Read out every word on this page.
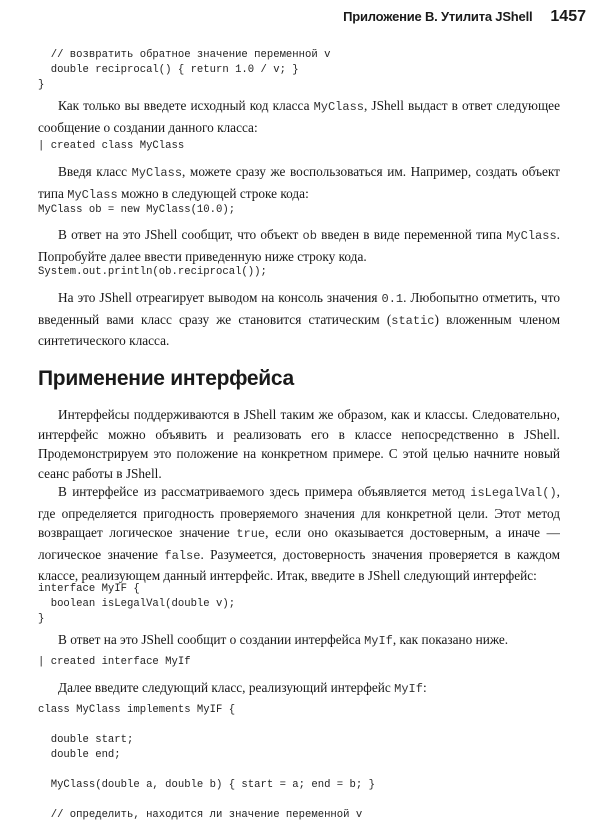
Приложение В. Утилита JShell 1457
// возвратить обратное значение переменной v
double reciprocal() { return 1.0 / v; }
}
Как только вы введете исходный код класса MyClass, JShell выдаст в ответ следующее сообщение о создании данного класса:
| created class MyClass
Введя класс MyClass, можете сразу же воспользоваться им. Например, создать объект типа MyClass можно в следующей строке кода:
MyClass ob = new MyClass(10.0);
В ответ на это JShell сообщит, что объект ob введен в виде переменной типа MyClass. Попробуйте далее ввести приведенную ниже строку кода.
System.out.println(ob.reciprocal());
На это JShell отреагирует выводом на консоль значения 0.1. Любопытно отметить, что введенный вами класс сразу же становится статическим (static) вложенным членом синтетического класса.
Применение интерфейса
Интерфейсы поддерживаются в JShell таким же образом, как и классы. Следовательно, интерфейс можно объявить и реализовать его в классе непосредственно в JShell. Продемонстрируем это положение на конкретном примере. С этой целью начните новый сеанс работы в JShell.
В интерфейсе из рассматриваемого здесь примера объявляется метод isLegalVal(), где определяется пригодность проверяемого значения для конкретной цели. Этот метод возвращает логическое значение true, если оно оказывается достоверным, а иначе — логическое значение false. Разумеется, достоверность значения проверяется в каждом классе, реализующем данный интерфейс. Итак, введите в JShell следующий интерфейс:
interface MyIF {
boolean isLegalVal(double v);
}
В ответ на это JShell сообщит о создании интерфейса MyIf, как показано ниже.
| created interface MyIf
Далее введите следующий класс, реализующий интерфейс MyIf:
class MyClass implements MyIF {

double start;
double end;

MyClass(double a, double b) { start = a; end = b; }

// определить, находится ли значение переменной v
